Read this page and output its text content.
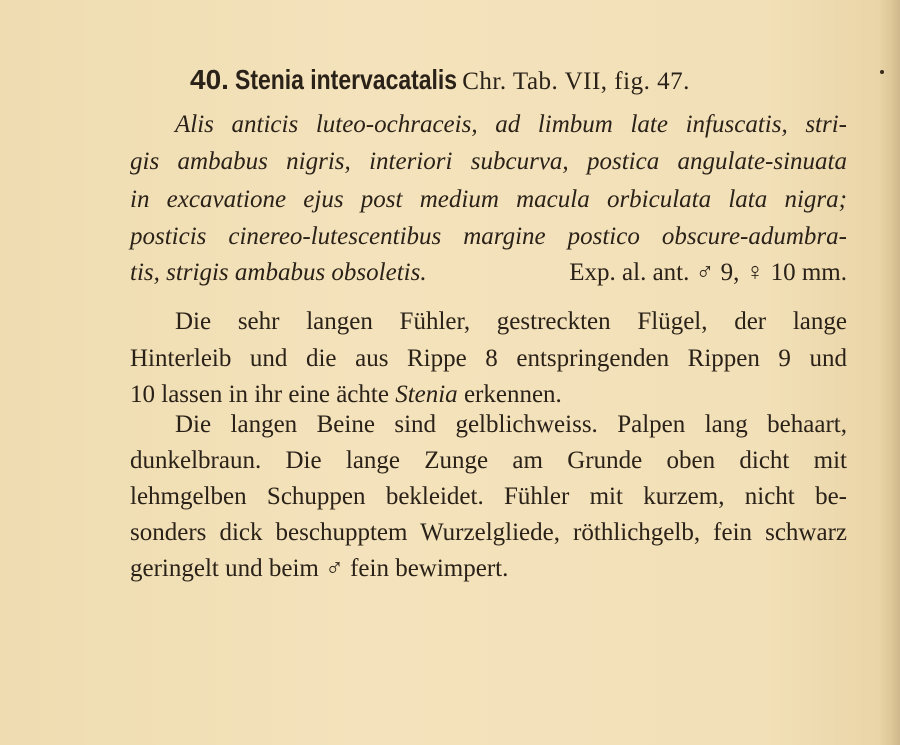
40. Stenia intervacatalis Chr. Tab. VII, fig. 47.
Alis anticis luteo-ochraceis, ad limbum late infuscatis, stri-
gis ambabus nigris, interiori subcurva, postica angulate-sinuata
in excavatione ejus post medium macula orbiculata lata nigra;
posticis cinereo-lutescentibus margine postico obscure-adumbra-
tis, strigis ambabus obsoletis.	Exp. al. ant. ♂ 9, ♀ 10 mm.
Die sehr langen Fühler, gestreckten Flügel, der lange
Hinterleib und die aus Rippe 8 entspringenden Rippen 9 und
10 lassen in ihr eine ächte Stenia erkennen.
Die langen Beine sind gelblichweiss. Palpen lang behaart,
dunkelbraun. Die lange Zunge am Grunde oben dicht mit
lehmgelben Schuppen bekleidet. Fühler mit kurzem, nicht be-
sonders dick beschupptem Wurzelgliede, röthlichgelb, fein schwarz
geringelt und beim ♂ fein bewimpert.
